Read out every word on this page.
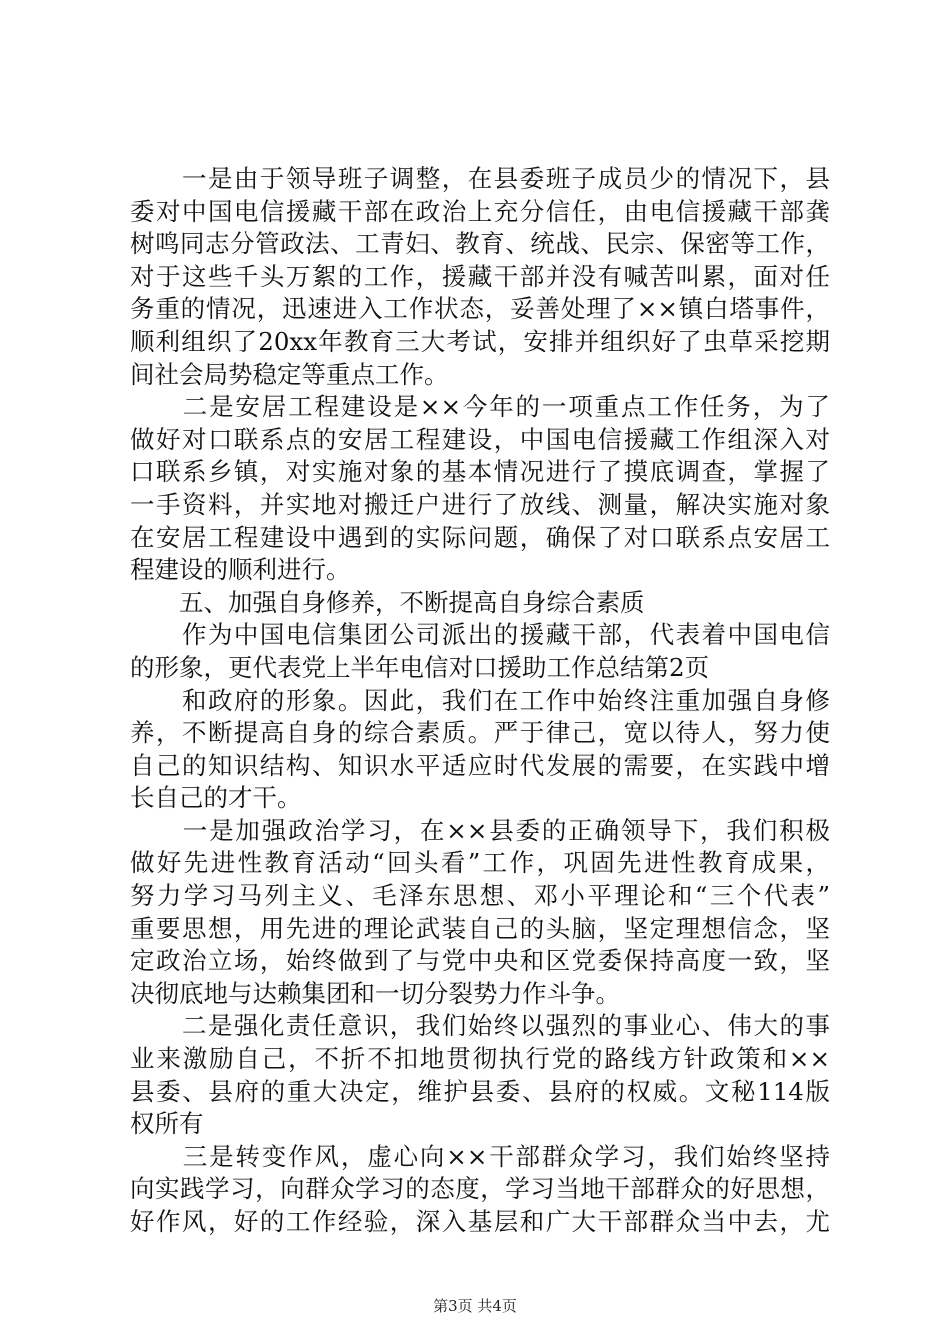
　　一是由于领导班子调整，在县委班子成员少的情况下，县
委对中国电信援藏干部在政治上充分信任，由电信援藏干部龚
树鸣同志分管政法、工青妇、教育、统战、民宗、保密等工作，
对于这些千头万絮的工作，援藏干部并没有喊苦叫累，面对任
务重的情况，迅速进入工作状态，妥善处理了××镇白塔事件，
顺利组织了20xx年教育三大考试，安排并组织好了虫草采挖期
间社会局势稳定等重点工作。
　　二是安居工程建设是××今年的一项重点工作任务，为了
做好对口联系点的安居工程建设，中国电信援藏工作组深入对
口联系乡镇，对实施对象的基本情况进行了摸底调查，掌握了
一手资料，并实地对搬迁户进行了放线、测量，解决实施对象
在安居工程建设中遇到的实际问题，确保了对口联系点安居工
程建设的顺利进行。
　　五、加强自身修养，不断提高自身综合素质
　　作为中国电信集团公司派出的援藏干部，代表着中国电信
的形象，更代表党上半年电信对口援助工作总结第2页
　　和政府的形象。因此，我们在工作中始终注重加强自身修
养，不断提高自身的综合素质。严于律己，宽以待人，努力使
自己的知识结构、知识水平适应时代发展的需要，在实践中增
长自己的才干。
　　一是加强政治学习，在××县委的正确领导下，我们积极
做好先进性教育活动“回头看”工作，巩固先进性教育成果，
努力学习马列主义、毛泽东思想、邓小平理论和“三个代表”
重要思想，用先进的理论武装自己的头脑，坚定理想信念，坚
定政治立场，始终做到了与党中央和区党委保持高度一致，坚
决彻底地与达赖集团和一切分裂势力作斗争。
　　二是强化责任意识，我们始终以强烈的事业心、伟大的事
业来激励自己，不折不扣地贯彻执行党的路线方针政策和××
县委、县府的重大决定，维护县委、县府的权威。文秘114版
权所有
　　三是转变作风，虚心向××干部群众学习，我们始终坚持
向实践学习，向群众学习的态度，学习当地干部群众的好思想，
好作风，好的工作经验，深入基层和广大干部群众当中去，尤
第3页 共4页
